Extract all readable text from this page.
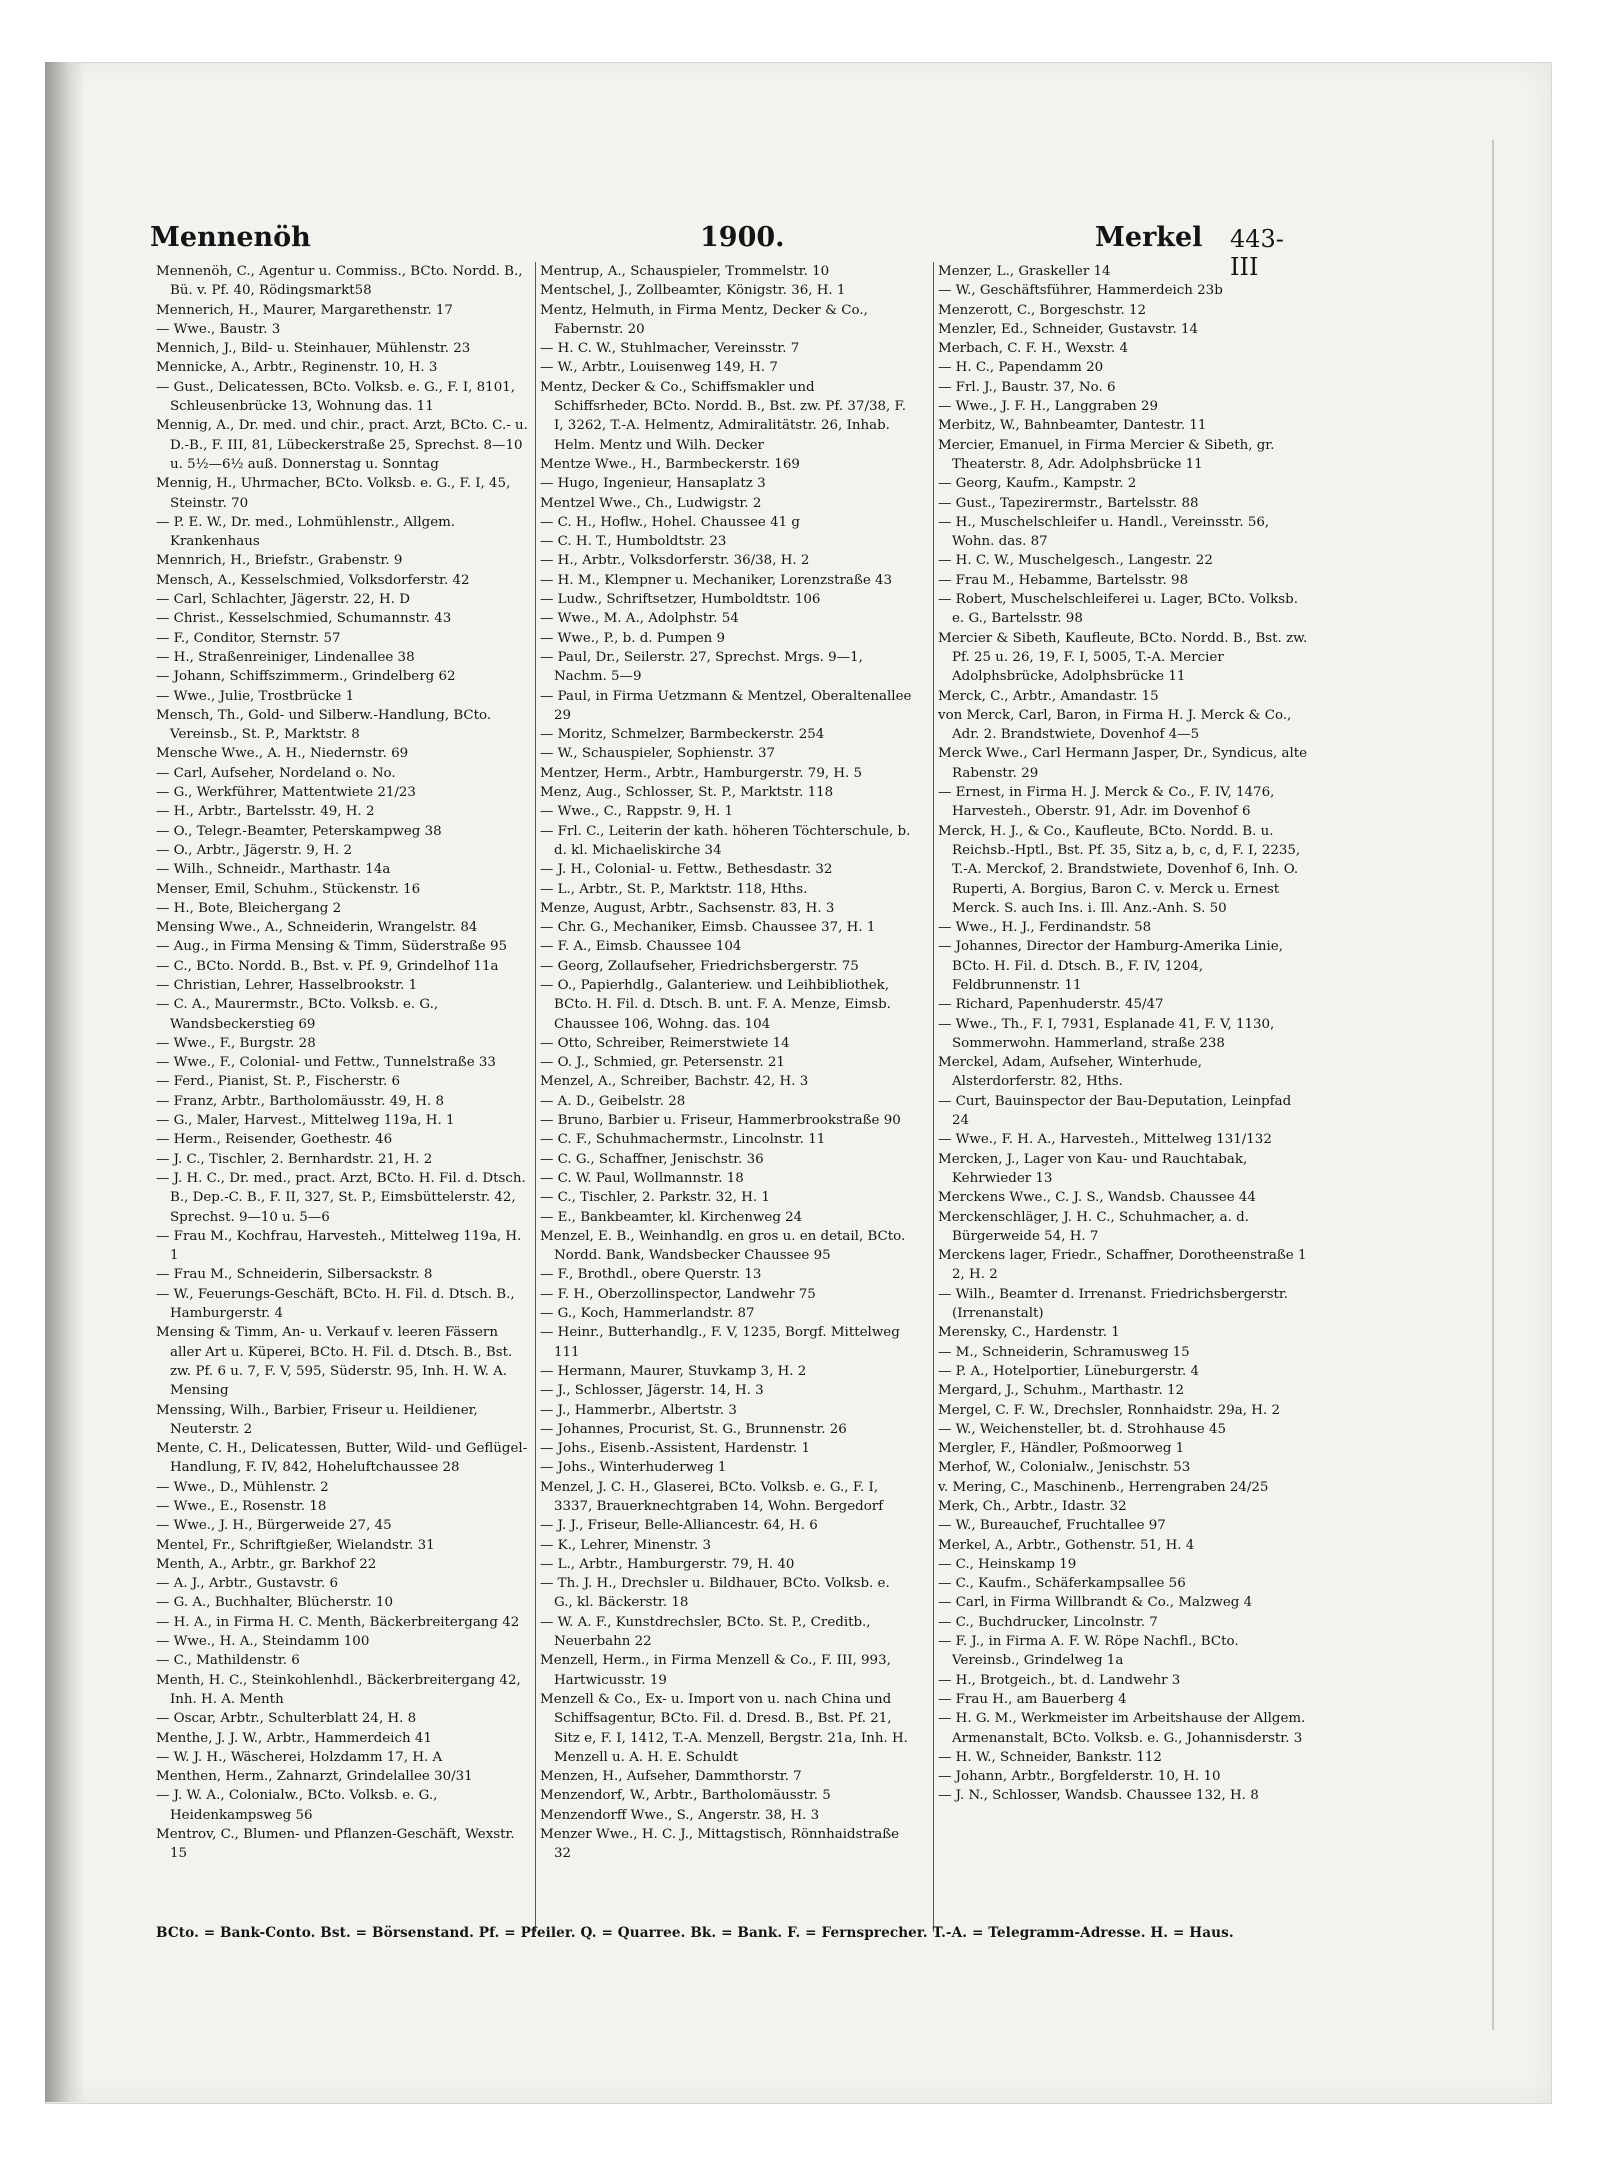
Mennenöh	1900.	Merkel 443-III
Mennenöh, C., Agentur u. Commiss., BCto. Nordd. B., Bü. v. Pf. 40, Rödingsmarkt58
Mennerich, H., Maurer, Margarethenstr. 17
— Wwe., Baustr. 3
Mennich, J., Bild- u. Steinhauer, Mühlenstr. 23
Mennicke, A., Arbtr., Reginenstr. 10, H. 3
— Gust., Delicatessen, BCto. Volksb. e. G., F. I, 8101, Schleusenbrücke 13, Wohnung das. 11
Mennig, A., Dr. med. und chir., pract. Arzt, BCto. C.- u. D.-B., F. III, 81, Lübeckerstraße 25, Sprechst. 8—10 u. 5½—6½ auß. Donnerstag u. Sonntag
Mennig, H., Uhrmacher, BCto. Volksb. e. G., F. I, 45, Steinstr. 70
— P. E. W., Dr. med., Lohmühlenstr., Allgem. Krankenhaus
Mennrich, H., Briefstr., Grabenstr. 9
Mensch, A., Kesselschmied, Volksdorferstr. 42
— Carl, Schlachter, Jägerstr. 22, H. D
— Christ., Kesselschmied, Schumannstr. 43
— F., Conditor, Sternstr. 57
— H., Straßenreiniger, Lindenallee 38
— Johann, Schiffszimmerm., Grindelberg 62
— Wwe., Julie, Trostbrücke 1
Mensch, Th., Gold- und Silberw.-Handlung, BCto. Vereinsb., St. P., Marktstr. 8
Mensche Wwe., A. H., Niedernstr. 69
— Carl, Aufseher, Nordeland o. No.
— G., Werkführer, Mattentwiete 21/23
— H., Arbtr., Bartelsstr. 49, H. 2
— O., Telegr.-Beamter, Peterskampweg 38
— O., Arbtr., Jägerstr. 9, H. 2
— Wilh., Schneidr., Marthastr. 14a
Menser, Emil, Schuhm., Stückenstr. 16
— H., Bote, Bleichergang 2
Mensing Wwe., A., Schneiderin, Wrangelstr. 84
— Aug., in Firma Mensing & Timm, Süderstraße 95
— C., BCto. Nordd. B., Bst. v. Pf. 9, Grindelhof 11a
— Christian, Lehrer, Hasselbrookstr. 1
— C. A., Maurermstr., BCto. Volksb. e. G., Wandsbeckerstieg 69
— Wwe., F., Burgstr. 28
— Wwe., F., Colonial- und Fettw., Tunnelstraße 33
— Ferd., Pianist, St. P., Fischerstr. 6
— Franz, Arbtr., Bartholomäusstr. 49, H. 8
— G., Maler, Harvest., Mittelweg 119a, H. 1
— Herm., Reisender, Goethestr. 46
— J. C., Tischler, 2. Bernhardstr. 21, H. 2
— J. H. C., Dr. med., pract. Arzt, BCto. H. Fil. d. Dtsch. B., Dep.-C. B., F. II, 327, St. P., Eimsbüttelerstr. 42, Sprechst. 9—10 u. 5—6
— Frau M., Kochfrau, Harvesteh., Mittelweg 119a, H. 1
— Frau M., Schneiderin, Silbersackstr. 8
— W., Feuerungs-Geschäft, BCto. H. Fil. d. Dtsch. B., Hamburgerstr. 4
Mensing & Timm, An- u. Verkauf v. leeren Fässern aller Art u. Küperei, BCto. H. Fil. d. Dtsch. B., Bst. zw. Pf. 6 u. 7, F. V, 595, Süderstr. 95, Inh. H. W. A. Mensing
Menssing, Wilh., Barbier, Friseur u. Heildiener, Neuterstr. 2
Mente, C. H., Delicatessen, Butter, Wild- und Geflügel-Handlung, F. IV, 842, Hoheluftchaussee 28
— Wwe., D., Mühlenstr. 2
— Wwe., E., Rosenstr. 18
— Wwe., J. H., Bürgerweide 27, 45
Mentel, Fr., Schriftgießer, Wielandstr. 31
Menth, A., Arbtr., gr. Barkhof 22
— A. J., Arbtr., Gustavstr. 6
— G. A., Buchhalter, Blücherstr. 10
— H. A., in Firma H. C. Menth, Bäckerbreitergang 42
— Wwe., H. A., Steindamm 100
— C., Mathildenstr. 6
Menth, H. C., Steinkohlenhdl., Bäckerbreitergang 42, Inh. H. A. Menth
— Oscar, Arbtr., Schulterblatt 24, H. 8
Menthe, J. J. W., Arbtr., Hammerdeich 41
— W. J. H., Wäscherei, Holzdamm 17, H. A
Menthen, Herm., Zahnarzt, Grindelallee 30/31
— J. W. A., Colonialw., BCto. Volksb. e. G., Heidenkampsweg 56
Mentrov, C., Blumen- und Pflanzen-Geschäft, Wexstr. 15
Mentrup, A., Schauspieler, Trommelstr. 10
Mentschel, J., Zollbeamter, Königstr. 36, H. 1
Mentz, Helmuth, in Firma Mentz, Decker & Co., Fabernstr. 20
— H. C. W., Stuhlmacher, Vereinsstr. 7
— W., Arbtr., Louisenweg 149, H. 7
Mentz, Decker & Co., Schiffsmakler und Schiffsrheder, BCto. Nordd. B., Bst. zw. Pf. 37/38, F. I, 3262, T.-A. Helmentz, Admiralitätstr. 26, Inhab. Helm. Mentz und Wilh. Decker
Mentze Wwe., H., Barmbeckerstr. 169
— Hugo, Ingenieur, Hansaplatz 3
Mentzel Wwe., Ch., Ludwigstr. 2
— C. H., Hoflw., Hohel. Chaussee 41 g
— C. H. T., Humboldtstr. 23
— H., Arbtr., Volksdorferstr. 36/38, H. 2
— H. M., Klempner u. Mechaniker, Lorenzstraße 43
— Ludw., Schriftsetzer, Humboldtstr. 106
— Wwe., M. A., Adolphstr. 54
— Wwe., P., b. d. Pumpen 9
— Paul, Dr., Seilerstr. 27, Sprechst. Mrgs. 9—1, Nachm. 5—9
— Paul, in Firma Uetzmann & Mentzel, Oberaltenallee 29
— Moritz, Schmelzer, Barmbeckerstr. 254
— W., Schauspieler, Sophienstr. 37
Mentzer, Herm., Arbtr., Hamburgerstr. 79, H. 5
Menz, Aug., Schlosser, St. P., Marktstr. 118
— Wwe., C., Rappstr. 9, H. 1
— Frl. C., Leiterin der kath. höheren Töchterschule, b. d. kl. Michaeliskirche 34
— J. H., Colonial- u. Fettw., Bethesdastr. 32
— L., Arbtr., St. P., Marktstr. 118, Hths.
Menze, August, Arbtr., Sachsenstr. 83, H. 3
— Chr. G., Mechaniker, Eimsb. Chaussee 37, H. 1
— F. A., Eimsb. Chaussee 104
— Georg, Zollaufseher, Friedrichsbergerstr. 75
— O., Papierhdlg., Galanteriew. und Leihbibliothek, BCto. H. Fil. d. Dtsch. B. unt. F. A. Menze, Eimsb. Chaussee 106, Wohng. das. 104
— Otto, Schreiber, Reimerstwiete 14
— O. J., Schmied, gr. Petersenstr. 21
Menzel, A., Schreiber, Bachstr. 42, H. 3
— A. D., Geibelstr. 28
— Bruno, Barbier u. Friseur, Hammerbrookstraße 90
— C. F., Schuhmachermstr., Lincolnstr. 11
— C. G., Schaffner, Jenischstr. 36
— C. W. Paul, Wollmannstr. 18
— C., Tischler, 2. Parkstr. 32, H. 1
— E., Bankbeamter, kl. Kirchenweg 24
Menzel, E. B., Weinhandlg. en gros u. en detail, BCto. Nordd. Bank, Wandsbecker Chaussee 95
— F., Brothdl., obere Querstr. 13
— F. H., Oberzollinspector, Landwehr 75
— G., Koch, Hammerlandstr. 87
— Heinr., Butterhandlg., F. V, 1235, Borgf. Mittelweg 111
— Hermann, Maurer, Stuvkamp 3, H. 2
— J., Schlosser, Jägerstr. 14, H. 3
— J., Hammerbr., Albertstr. 3
— Johannes, Procurist, St. G., Brunnenstr. 26
— Johs., Eisenb.-Assistent, Hardenstr. 1
— Johs., Winterhuderweg 1
Menzel, J. C. H., Glaserei, BCto. Volksb. e. G., F. I, 3337, Brauerknechtgraben 14, Wohn. Bergedorf
— J. J., Friseur, Belle-Alliancestr. 64, H. 6
— K., Lehrer, Minenstr. 3
— L., Arbtr., Hamburgerstr. 79, H. 40
— Th. J. H., Drechsler u. Bildhauer, BCto. Volksb. e. G., kl. Bäckerstr. 18
— W. A. F., Kunstdrechsler, BCto. St. P., Creditb., Neuerbahn 22
Menzell, Herm., in Firma Menzell & Co., F. III, 993, Hartwicusstr. 19
Menzell & Co., Ex- u. Import von u. nach China und Schiffsagentur, BCto. Fil. d. Dresd. B., Bst. Pf. 21, Sitz e, F. I, 1412, T.-A. Menzell, Bergstr. 21a, Inh. H. Menzell u. A. H. E. Schuldt
Menzen, H., Aufseher, Dammthorstr. 7
Menzendorf, W., Arbtr., Bartholomäusstr. 5
Menzendorff Wwe., S., Angerstr. 38, H. 3
Menzer Wwe., H. C. J., Mittagstisch, Rönnhaidstraße 32
Menzer, L., Graskeller 14
— W., Geschäftsführer, Hammerdeich 23b
Menzerott, C., Borgeschstr. 12
Menzler, Ed., Schneider, Gustavstr. 14
Merbach, C. F. H., Wexstr. 4
— H. C., Papendamm 20
— Frl. J., Baustr. 37, No. 6
— Wwe., J. F. H., Langgraben 29
Merbitz, W., Bahnbeamter, Dantestr. 11
Mercier, Emanuel, in Firma Mercier & Sibeth, gr. Theaterstr. 8, Adr. Adolphsbrücke 11
— Georg, Kaufm., Kampstr. 2
— Gust., Tapezirermstr., Bartelsstr. 88
— H., Muschelschleifer u. Handl., Vereinsstr. 56, Wohn. das. 87
— H. C. W., Muschelgesch., Langestr. 22
— Frau M., Hebamme, Bartelsstr. 98
— Robert, Muschelschleiferei u. Lager, BCto. Volksb. e. G., Bartelsstr. 98
Mercier & Sibeth, Kaufleute, BCto. Nordd. B., Bst. zw. Pf. 25 u. 26, 19, F. I, 5005, T.-A. Mercier Adolphsbrücke, Adolphsbrücke 11
Merck, C., Arbtr., Amandastr. 15
von Merck, Carl, Baron, in Firma H. J. Merck & Co., Adr. 2. Brandstwiete, Dovenhof 4—5
Merck Wwe., Carl Hermann Jasper, Dr., Syndicus, alte Rabenstr. 29
— Ernest, in Firma H. J. Merck & Co., F. IV, 1476, Harvesteh., Oberstr. 91, Adr. im Dovenhof 6
Merck, H. J., & Co., Kaufleute, BCto. Nordd. B. u. Reichsb.-Hptl., Bst. Pf. 35, Sitz a, b, c, d, F. I, 2235, T.-A. Merckof, 2. Brandstwiete, Dovenhof 6, Inh. O. Ruperti, A. Borgius, Baron C. v. Merck u. Ernest Merck. S. auch Ins. i. Ill. Anz.-Anh. S. 50
— Wwe., H. J., Ferdinandstr. 58
— Johannes, Director der Hamburg-Amerika Linie, BCto. H. Fil. d. Dtsch. B., F. IV, 1204, Feldbrunnenstr. 11
— Richard, Papenhuderstr. 45/47
— Wwe., Th., F. I, 7931, Esplanade 41, F. V, 1130, Sommerwohn. Hammerland, straße 238
Merckel, Adam, Aufseher, Winterhude, Alsterdorferstr. 82, Hths.
— Curt, Bauinspector der Bau-Deputation, Leinpfad 24
— Wwe., F. H. A., Harvesteh., Mittelweg 131/132
Mercken, J., Lager von Kau- und Rauchtabak, Kehrwieder 13
Merckens Wwe., C. J. S., Wandsb. Chaussee 44
Merckenschläger, J. H. C., Schuhmacher, a. d. Bürgerweide 54, H. 7
Merckens lager, Friedr., Schaffner, Dorotheenstraße 1 2, H. 2
— Wilh., Beamter d. Irrenanst. Friedrichsbergerstr. (Irrenanstalt)
Merensky, C., Hardenstr. 1
— M., Schneiderin, Schramusweg 15
— P. A., Hotelportier, Lüneburgerstr. 4
Mergard, J., Schuhm., Marthastr. 12
Mergel, C. F. W., Drechsler, Ronnhaidstr. 29a, H. 2
— W., Weichensteller, bt. d. Strohhause 45
Mergler, F., Händler, Poßmoorweg 1
Merhof, W., Colonialw., Jenischstr. 53
v. Mering, C., Maschinenb., Herrengraben 24/25
Merk, Ch., Arbtr., Idastr. 32
— W., Bureauchef, Fruchtallee 97
Merkel, A., Arbtr., Gothenstr. 51, H. 4
— C., Heinskamp 19
— C., Kaufm., Schäferkampsallee 56
— Carl, in Firma Willbrandt & Co., Malzweg 4
— C., Buchdrucker, Lincolnstr. 7
— F. J., in Firma A. F. W. Röpe Nachfl., BCto. Vereinsb., Grindelweg 1a
— H., Brotgeich., bt. d. Landwehr 3
— Frau H., am Bauerberg 4
— H. G. M., Werkmeister im Arbeitshause der Allgem. Armenanstalt, BCto. Volksb. e. G., Johannisderstr. 3
— H. W., Schneider, Bankstr. 112
— Johann, Arbtr., Borgfelderstr. 10, H. 10
— J. N., Schlosser, Wandsb. Chaussee 132, H. 8
BCto. = Bank-Conto. Bst. = Börsenstand. Pf. = Pfeiler. Q. = Quarree. Bk. = Bank. F. = Fernsprecher. T.-A. = Telegramm-Adresse. H. = Haus.
